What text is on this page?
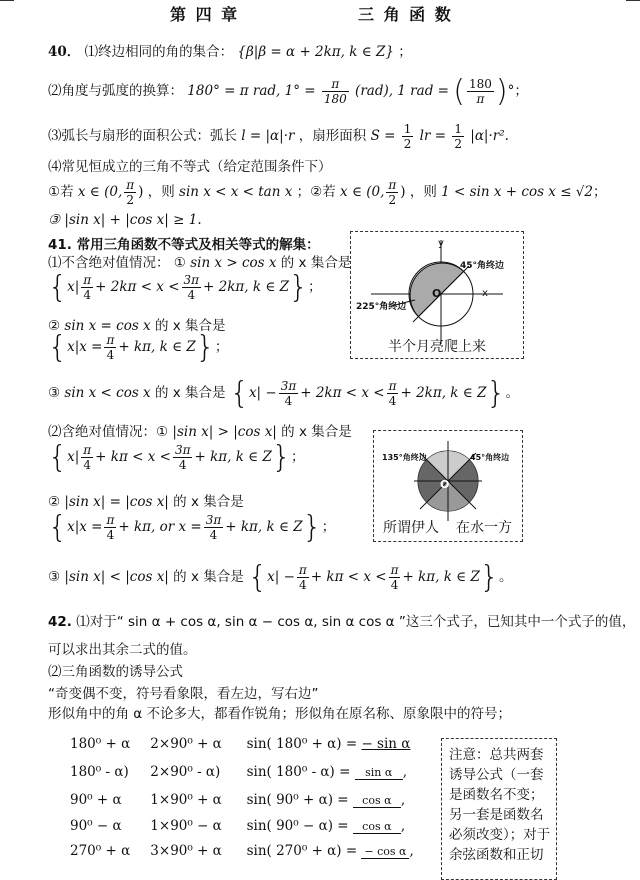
第 四 章	三 角 函 数
40． ⑴终边相同的角的集合： {β|β = α + 2kπ, k ∈ Z} ；
⑵角度与弧度的换算： 180° = π rad, $1^\circ = \frac{\pi}{180} (rad)$, 1 rad = ( $\frac{180}{\pi}$ )°；
⑶弧长与扇形的面积公式：弧长 l = |α|·r ，扇形面积 $S = \frac{1}{2}$ lr = $\frac{1}{2} |\alpha|\cdot r^2$.
⑷常见恒成立的三角不等式（给定范围条件下）
①若 x ∈ (0, $\frac{\pi}{2}$ ) ，则 sin x < x < tan x ；②若 x ∈ (0, $\frac{\pi}{2}$ ) ，则 1 < sin x + cos x ≤ √2；
③ |sin x| + |cos x| ≥ 1.
41. 常用三角函数不等式及相关等式的解集：
⑴不含绝对值情况： ① sin x > cos x 的 x 集合是
{$x| \frac{\pi}{4} + 2k\pi < x < \frac{3\pi}{4} + 2k\pi$, k ∈ Z}；
② sin x = cos x 的 x 集合是
{$x|x = \frac{\pi}{4} + k\pi$, k ∈ Z}；
③ sin x < cos x 的 x 集合是 {$x| - \frac{3\pi}{4} + 2k\pi < x < \frac{\pi}{4} + 2k\pi$, k ∈ Z}。
⑵含绝对值情况：① |sin x| > |cos x| 的 x 集合是
{$x| \frac{\pi}{4} + k\pi < x < \frac{3\pi}{4} + k\pi$, k ∈ Z}；
② |sin x| = |cos x| 的 x 集合是
{$x|x = \frac{\pi}{4} + k\pi$, or $x = \frac{3\pi}{4} + k\pi$, k ∈ Z}；
③ |sin x| < |cos x| 的 x 集合是 {$x| - \frac{\pi}{4} + k\pi < x < \frac{\pi}{4} + k\pi$, k ∈ Z}。
y
x
O
45°角终边
225°角终边
半个月亮爬上来
135°角终边	45°角终边
O
所谓伊人 在水一方
42. ⑴对于“ sin α + cos α, sin α − cos α, sin α cos α ”这三个式子，已知其中一个式子的值，
可以求出其余二式的值。
⑵三角函数的诱导公式
“奇变偶不变，符号看象限，看左边，写右边”
形似角中的角 α 不论多大，都看作锐角；形似角在原名称、原象限中的符号；
180⁰ + α 2×90⁰ + α sin( 180⁰ + α) = − sin α
180⁰ - α) 2×90⁰ - α) sin( 180⁰ - α) = sin α ,
90⁰ + α 1×90⁰ + α sin( 90⁰ + α) = cos α ,
90⁰ − α 1×90⁰ − α sin( 90⁰ − α) = cos α ,
270⁰ + α 3×90⁰ + α sin( 270⁰ + α) = − cos α ,
注意：总共两套
诱导公式（一套
是函数名不变；
另一套是函数名
必须改变）；对于
余弦函数和正切
